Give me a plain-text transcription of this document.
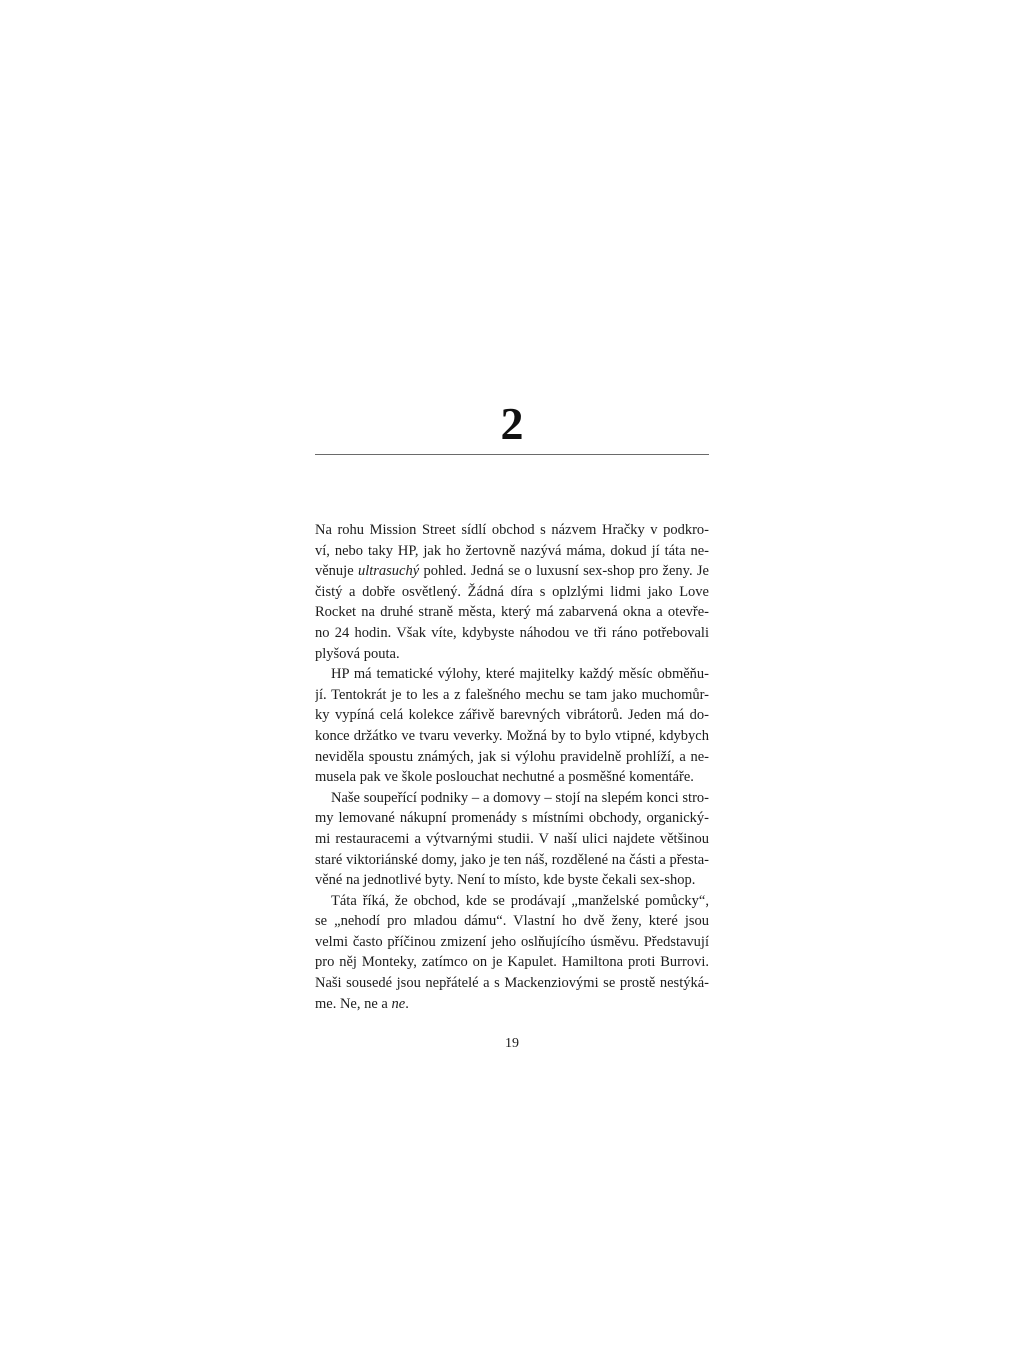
2
Na rohu Mission Street sídlí obchod s názvem Hračky v podkro-
ví, nebo taky HP, jak ho žertovně nazývá máma, dokud jí táta ne-
věnuje ultrasuchý pohled. Jedná se o luxusní sex-shop pro ženy. Je
čistý a dobře osvětlený. Žádná díra s oplzlými lidmi jako Love
Rocket na druhé straně města, který má zabarvená okna a otevře-
no 24 hodin. Však víte, kdybyste náhodou ve tři ráno potřebovali
plyšová pouta.
HP má tematické výlohy, které majitelky každý měsíc obměňu-
jí. Tentokrát je to les a z falešného mechu se tam jako muchomůr-
ky vypíná celá kolekce zářivě barevných vibrátorů. Jeden má do-
konce držátko ve tvaru veverky. Možná by to bylo vtipné, kdybych
neviděla spoustu známých, jak si výlohu pravidelně prohlíží, a ne-
musela pak ve škole poslouchat nechutné a posměšné komentáře.
Naše soupeřící podniky – a domovy – stojí na slepém konci stro-
my lemované nákupní promenády s místními obchody, organický-
mi restauracemi a výtvarnými studii. V naší ulici najdete většinou
staré viktoriánské domy, jako je ten náš, rozdělené na části a přesta-
věné na jednotlivé byty. Není to místo, kde byste čekali sex-shop.
Táta říká, že obchod, kde se prodávají „manželské pomůcky“,
se „nehodí pro mladou dámu“. Vlastní ho dvě ženy, které jsou
velmi často příčinou zmizení jeho oslňujícího úsměvu. Představují
pro něj Monteky, zatímco on je Kapulet. Hamiltona proti Burrovi.
Naši sousedé jsou nepřátelé a s Mackenziovými se prostě nestýká-
me. Ne, ne a ne.
19
